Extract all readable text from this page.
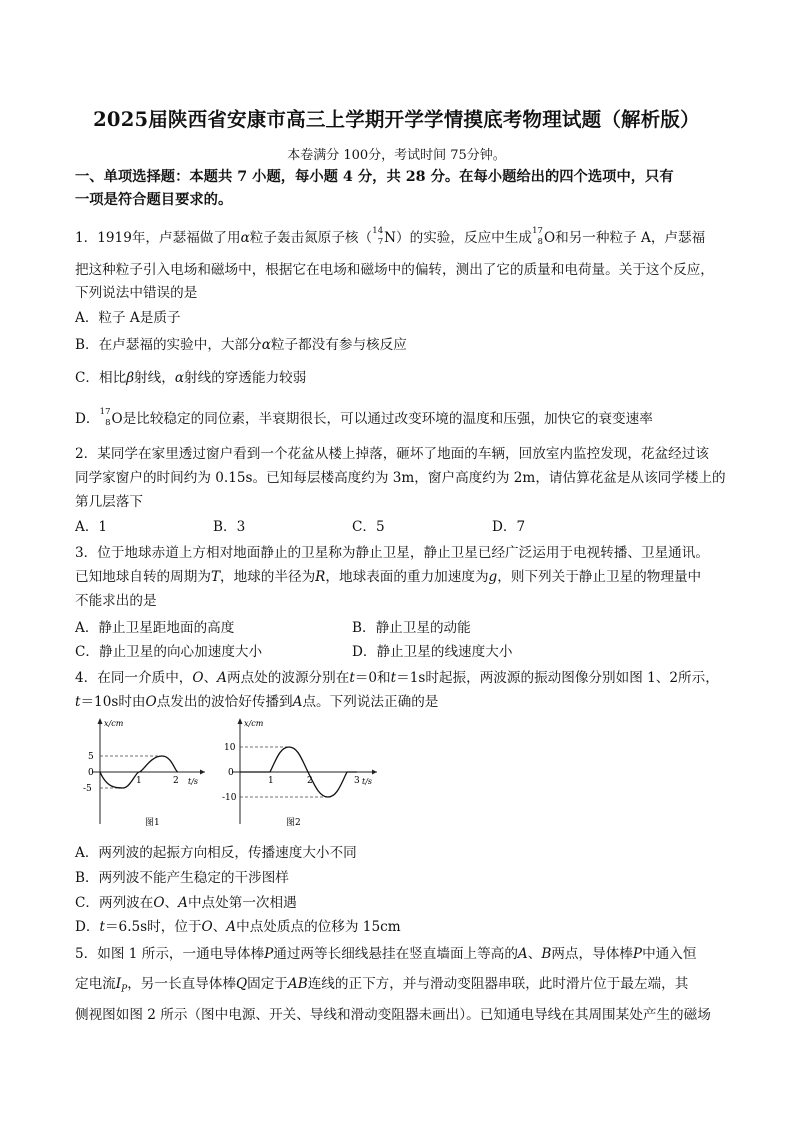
2025届陕西省安康市高三上学期开学学情摸底考物理试题（解析版）
本卷满分 100分，考试时间 75分钟。
一、单项选择题：本题共 7 小题，每小题 4 分，共 28 分。在每小题给出的四个选项中，只有
一项是符合题目要求的。
1．1919年，卢瑟福做了用α粒子轰击氮原子核（ 14
7 N）的实验，反应中生成 17
8 O和另一种粒子 A，卢瑟福
把这种粒子引入电场和磁场中，根据它在电场和磁场中的偏转，测出了它的质量和电荷量。关于这个反应，
下列说法中错误的是
A．粒子 A是质子
B．在卢瑟福的实验中，大部分α粒子都没有参与核反应
C．相比β射线，α射线的穿透能力较弱
D． 17
8 O是比较稳定的同位素，半衰期很长，可以通过改变环境的温度和压强，加快它的衰变速率
2．某同学在家里透过窗户看到一个花盆从楼上掉落，砸坏了地面的车辆，回放室内监控发现，花盆经过该
同学家窗户的时间约为 0.15s。已知每层楼高度约为 3m，窗户高度约为 2m，请估算花盆是从该同学楼上的
第几层落下
A．1	B．3	C．5	D．7
3．位于地球赤道上方相对地面静止的卫星称为静止卫星，静止卫星已经广泛运用于电视转播、卫星通讯。
已知地球自转的周期为T，地球的半径为R，地球表面的重力加速度为g，则下列关于静止卫星的物理量中
不能求出的是
A．静止卫星距地面的高度	B．静止卫星的动能
C．静止卫星的向心加速度大小	D．静止卫星的线速度大小
4．在同一介质中，O、A两点处的波源分别在t＝0和t＝1s时起振，两波源的振动图像分别如图 1、2所示，
t＝10s时由O点发出的波恰好传播到A点。下列说法正确的是
x/cm
t/s
5
0
-5
1	2
图1
x/cm
t/s
10
0
-10
1	2	3
图2
A．两列波的起振方向相反，传播速度大小不同
B．两列波不能产生稳定的干涉图样
C．两列波在O、A中点处第一次相遇
D．t＝6.5s时，位于O、A中点处质点的位移为 15cm
5．如图 1 所示，一通电导体棒P通过两等长细线悬挂在竖直墙面上等高的A、B两点，导体棒P中通入恒
定电流$I_P$，另一长直导体棒Q固定于AB连线的正下方，并与滑动变阻器串联，此时滑片位于最左端，其
侧视图如图 2 所示（图中电源、开关、导线和滑动变阻器未画出）。已知通电导线在其周围某处产生的磁场
